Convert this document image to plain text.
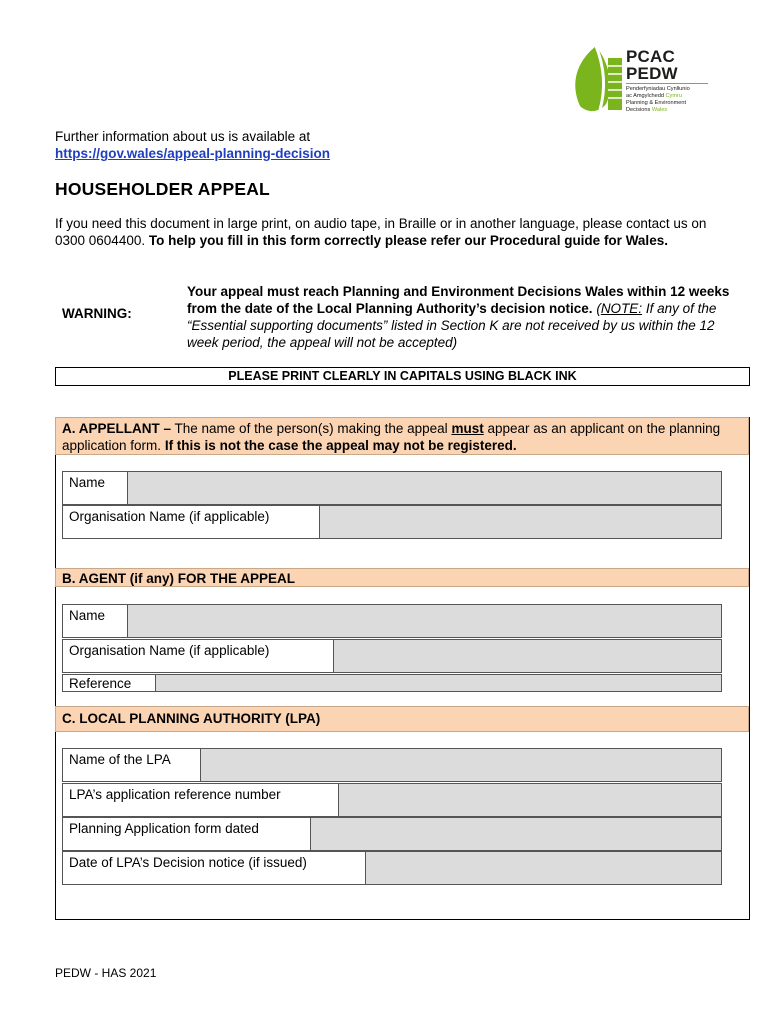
PCAC
PEDW
Penderfyniadau Cynllunio
ac Amgylchedd Cymru
Planning & Environment
Decisions Wales
Further information about us is available at
https://gov.wales/appeal-planning-decision
HOUSEHOLDER APPEAL
If you need this document in large print, on audio tape, in Braille or in another language, please contact us on 0300 0604400. To help you fill in this form correctly please refer our Procedural guide for Wales.
WARNING:
Your appeal must reach Planning and Environment Decisions Wales within 12 weeks from the date of the Local Planning Authority’s decision notice. (NOTE: If any of the “Essential supporting documents” listed in Section K are not received by us within the 12 week period, the appeal will not be accepted)
PLEASE PRINT CLEARLY IN CAPITALS USING BLACK INK
A. APPELLANT – The name of the person(s) making the appeal must appear as an applicant on the planning application form. If this is not the case the appeal may not be registered.
Name
Organisation Name (if applicable)
B. AGENT (if any) FOR THE APPEAL
Name
Organisation Name (if applicable)
Reference
C. LOCAL PLANNING AUTHORITY (LPA)
Name of the LPA
LPA’s application reference number
Planning Application form dated
Date of LPA’s Decision notice (if issued)
PEDW - HAS 2021
